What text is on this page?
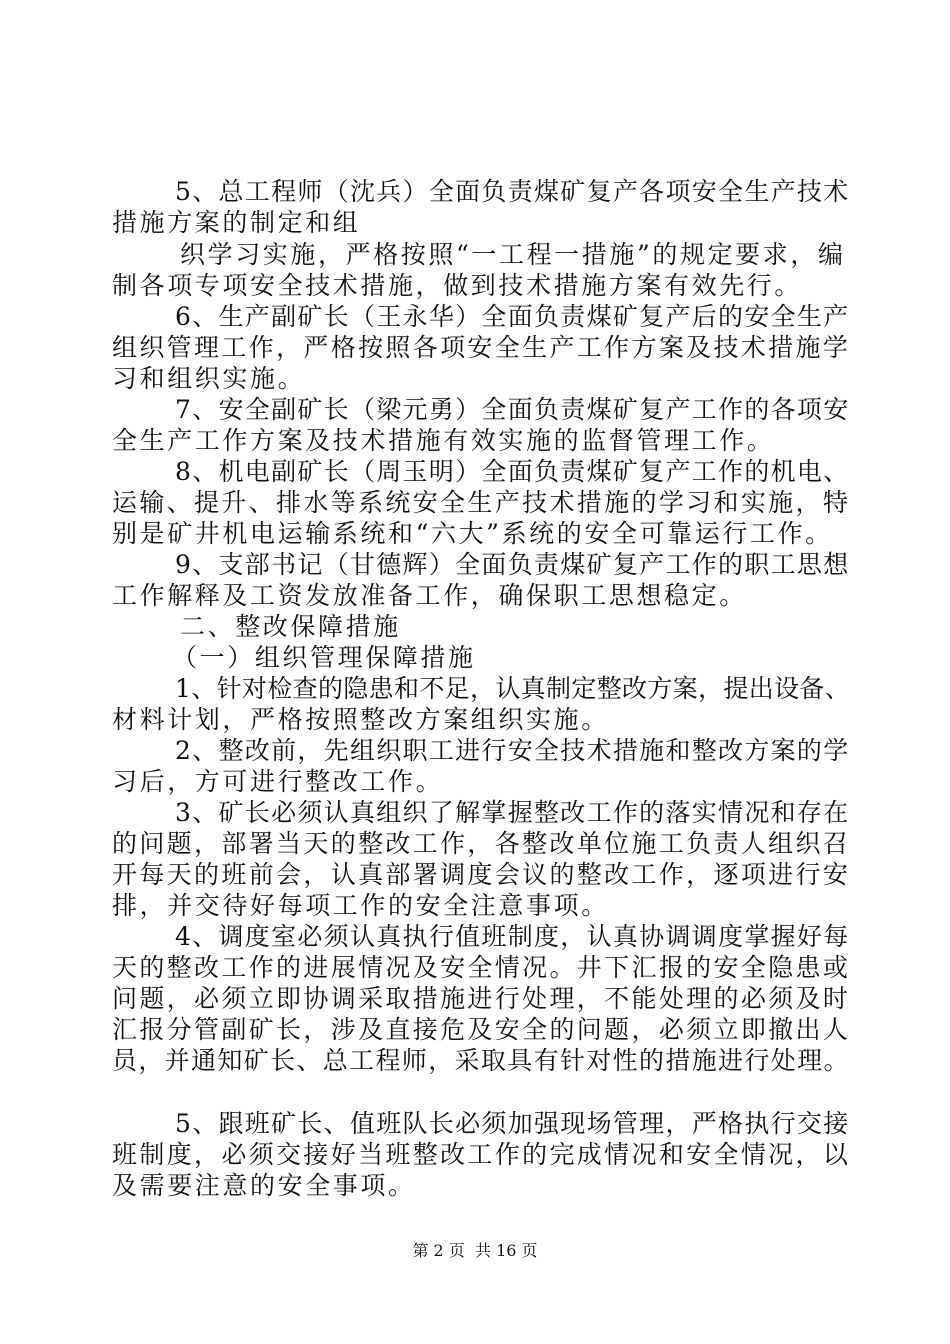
5、总工程师（沈兵）全面负责煤矿复产各项安全生产技术
措施方案的制定和组
织学习实施，严格按照“一工程一措施”的规定要求，编
制各项专项安全技术措施，做到技术措施方案有效先行。
6、生产副矿长（王永华）全面负责煤矿复产后的安全生产
组织管理工作，严格按照各项安全生产工作方案及技术措施学
习和组织实施。
7、安全副矿长（梁元勇）全面负责煤矿复产工作的各项安
全生产工作方案及技术措施有效实施的监督管理工作。
8、机电副矿长（周玉明）全面负责煤矿复产工作的机电、
运输、提升、排水等系统安全生产技术措施的学习和实施，特
别是矿井机电运输系统和“六大”系统的安全可靠运行工作。
9、支部书记（甘德辉）全面负责煤矿复产工作的职工思想
工作解释及工资发放准备工作，确保职工思想稳定。
二、整改保障措施
（一）组织管理保障措施
1、针对检查的隐患和不足，认真制定整改方案，提出设备、
材料计划，严格按照整改方案组织实施。
2、整改前，先组织职工进行安全技术措施和整改方案的学
习后，方可进行整改工作。
3、矿长必须认真组织了解掌握整改工作的落实情况和存在
的问题，部署当天的整改工作，各整改单位施工负责人组织召
开每天的班前会，认真部署调度会议的整改工作，逐项进行安
排，并交待好每项工作的安全注意事项。
4、调度室必须认真执行值班制度，认真协调调度掌握好每
天的整改工作的进展情况及安全情况。井下汇报的安全隐患或
问题，必须立即协调采取措施进行处理，不能处理的必须及时
汇报分管副矿长，涉及直接危及安全的问题，必须立即撤出人
员，并通知矿长、总工程师，采取具有针对性的措施进行处理。
5、跟班矿长、值班队长必须加强现场管理，严格执行交接
班制度，必须交接好当班整改工作的完成情况和安全情况，以
及需要注意的安全事项。
第 2 页  共 16 页
